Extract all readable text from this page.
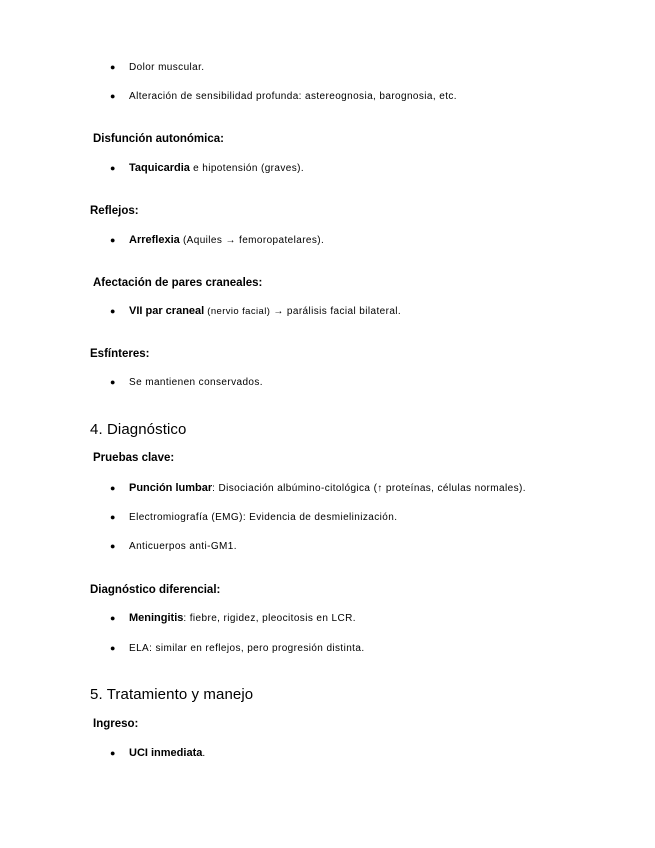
● Dolor muscular.
● Alteración de sensibilidad profunda: astereognosia, barognosia, etc.
Disfunción autonómica:
● Taquicardia e hipotensión (graves).
Reflejos:
● Arreflexia (Aquiles → femoropatelares).
Afectación de pares craneales:
● VII par craneal (nervio facial) → parálisis facial bilateral.
Esfínteres:
● Se mantienen conservados.
4. Diagnóstico
Pruebas clave:
● Punción lumbar: Disociación albúmino-citológica (↑ proteínas, células normales).
● Electromiografía (EMG): Evidencia de desmielinización.
● Anticuerpos anti-GM1.
Diagnóstico diferencial:
● Meningitis: fiebre, rigidez, pleocitosis en LCR.
● ELA: similar en reflejos, pero progresión distinta.
5. Tratamiento y manejo
Ingreso:
● UCI inmediata.
